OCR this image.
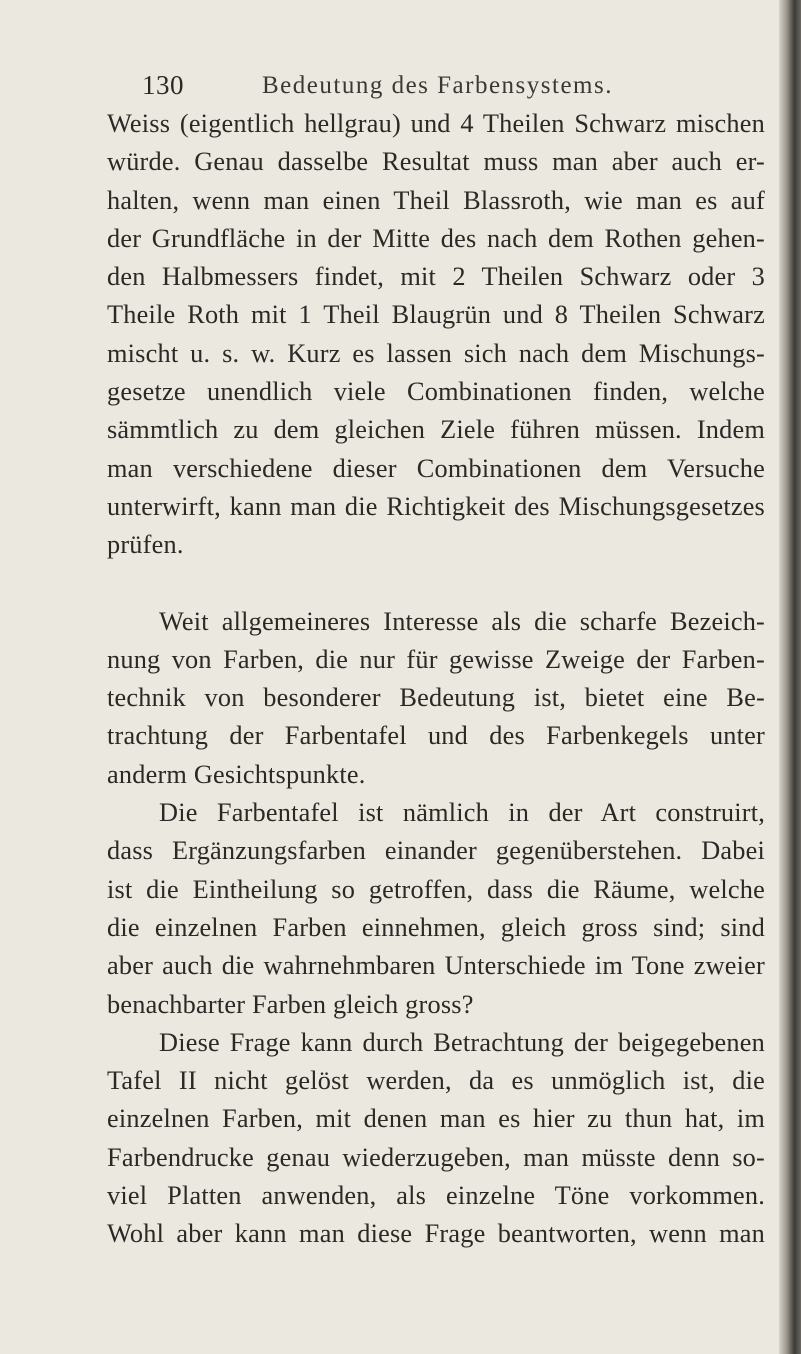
130	Bedeutung des Farbensystems.
Weiss (eigentlich hellgrau) und 4 Theilen Schwarz mischen
würde. Genau dasselbe Resultat muss man aber auch er-
halten, wenn man einen Theil Blassroth, wie man es auf
der Grundfläche in der Mitte des nach dem Rothen gehen-
den Halbmessers findet, mit 2 Theilen Schwarz oder 3
Theile Roth mit 1 Theil Blaugrün und 8 Theilen Schwarz
mischt u. s. w. Kurz es lassen sich nach dem Mischungs-
gesetze unendlich viele Combinationen finden, welche
sämmtlich zu dem gleichen Ziele führen müssen. Indem
man verschiedene dieser Combinationen dem Versuche
unterwirft, kann man die Richtigkeit des Mischungsgesetzes
prüfen.
Weit allgemeineres Interesse als die scharfe Bezeich-
nung von Farben, die nur für gewisse Zweige der Farben-
technik von besonderer Bedeutung ist, bietet eine Be-
trachtung der Farbentafel und des Farbenkegels unter
anderm Gesichtspunkte.
Die Farbentafel ist nämlich in der Art construirt,
dass Ergänzungsfarben einander gegenüberstehen. Dabei
ist die Eintheilung so getroffen, dass die Räume, welche
die einzelnen Farben einnehmen, gleich gross sind; sind
aber auch die wahrnehmbaren Unterschiede im Tone zweier
benachbarter Farben gleich gross?
Diese Frage kann durch Betrachtung der beigegebenen
Tafel II nicht gelöst werden, da es unmöglich ist, die
einzelnen Farben, mit denen man es hier zu thun hat, im
Farbendrucke genau wiederzugeben, man müsste denn so-
viel Platten anwenden, als einzelne Töne vorkommen.
Wohl aber kann man diese Frage beantworten, wenn man
